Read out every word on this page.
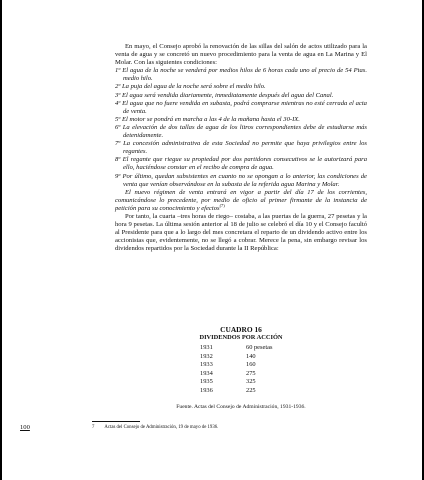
En mayo, el Consejo aprobó la renovación de las sillas del salón de actos utilizado para la venta de agua y se concretó un nuevo procedimiento para la venta de agua en La Marina y El Molar. Con las siguientes condiciones:

1º El agua de la noche se venderá por medios hilos de 6 horas cada uno al precio de 54 Ptas. medio hilo.

2º La puja del agua de la noche será sobre el medio hilo.

3º El agua será vendida diariamente, inmediatamente después del agua del Canal.

4º El agua que no fuere vendida en subasta, podrá comprarse mientras no esté cerrada el acta de venta.

5º El motor se pondrá en marcha a las 4 de la mañana hasta el 30-IX.

6º La elevación de dos tallas de agua de los litros correspondientes debe de estudiarse más detenidamente.

7º La concesión administrativa de esta Sociedad no permite que haya privilegios entre los regantes.

8º El regante que riegue su propiedad por dos partidores consecutivos se le autorizará para ello, haciéndose constar en el recibo de compra de agua.

9º Por último, quedan subsistentes en cuanto no se opongan a lo anterior, las condiciones de venta que venían observándose en la subasta de la referida agua Marina y Molar.

El nuevo régimen de venta entrará en vigor a partir del día 17 de los corrientes, comunicándose lo precedente, por medio de oficio al primer firmante de la instancia de petición para su conocimiento y efectos$^{(7)}$

Por tanto, la cuarta –tres horas de riego– costaba, a las puertas de la guerra, 27 pesetas y la hora 9 pesetas. La última sesión anterior al 18 de julio se celebró el día 10 y el Consejo facultó al Presidente para que a lo largo del mes concretara el reparto de un dividendo activo entre los accionistas que, evidentemente, no se llegó a cobrar. Merece la pena, sin embargo revisar los dividendos repartidos por la Sociedad durante la II República:

CUADRO 16
DIVIDENDOS POR ACCIÓN
1931	60 pesetas
1932	140
1933	160
1934	275
1935	325
1936	225
Fuente. Actas del Consejo de Administración, 1931-1936.
7 Actas del Consejo de Administración, 19 de mayo de 1936.
100
